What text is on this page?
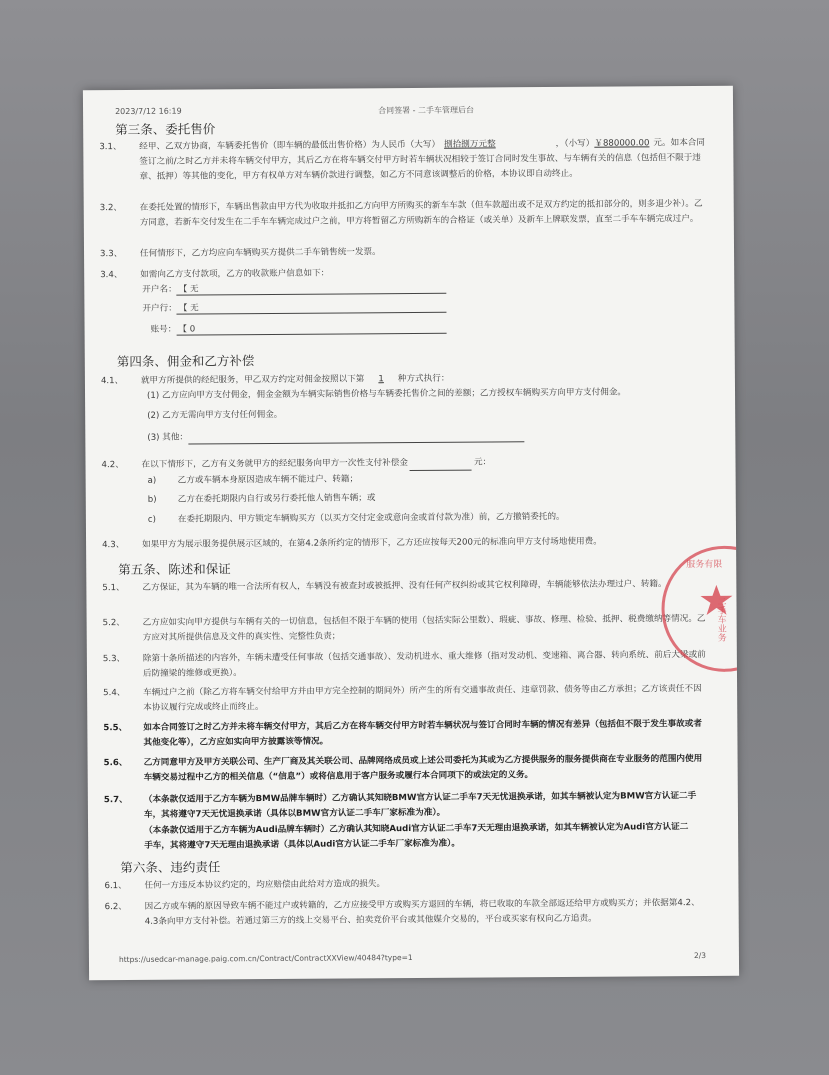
2023/7/12 16:19	合同签署 - 二手车管理后台
第三条、委托售价
3.1、 经甲、乙双方协商，车辆委托售价（即车辆的最低出售价格）为人民币（大写） 捌拾捌万元整	，（小写）￥880000.00 元。如本合同签订之前/之时乙方并未将车辆交付甲方，其后乙方在将车辆交付甲方时若车辆状况相较于签订合同时发生事故、与车辆有关的信息（包括但不限于违章、抵押）等其他的变化，甲方有权单方对车辆价款进行调整，如乙方不同意该调整后的价格，本协议即自动终止。
3.2、 在委托处置的情形下，车辆出售款由甲方代为收取并抵扣乙方向甲方所购买的新车车款（但车款超出或不足双方约定的抵扣部分的，则多退少补）。乙方同意，若新车交付发生在二手车车辆完成过户之前，甲方将暂留乙方所购新车的合格证（或关单）及新车上牌联发票，直至二手车车辆完成过户。
3.3、 任何情形下，乙方均应向车辆购买方提供二手车销售统一发票。
3.4、 如需向乙方支付款项，乙方的收款账户信息如下：
开户名： 【 无
开户行： 【 无
账号： 【 0
第四条、佣金和乙方补偿
4.1、 就甲方所提供的经纪服务，甲乙双方约定对佣金按照以下第 1 种方式执行：
(1) 乙方应向甲方支付佣金，佣金金额为车辆实际销售价格与车辆委托售价之间的差额；乙方授权车辆购买方向甲方支付佣金。
(2) 乙方无需向甲方支付任何佣金。
(3) 其他：
4.2、 在以下情形下，乙方有义务就甲方的经纪服务向甲方一次性支付补偿金	元：
a) 乙方或车辆本身原因造成车辆不能过户、转籍；
b) 乙方在委托期限内自行或另行委托他人销售车辆；或
c)	在委托期限内、甲方锁定车辆购买方（以买方交付定金或意向金或首付款为准）前，乙方撤销委托的。
4.3、 如果甲方为展示服务提供展示区域的，在第4.2条所约定的情形下，乙方还应按每天200元的标准向甲方支付场地使用费。
第五条、陈述和保证
5.1、 乙方保证，其为车辆的唯一合法所有权人，车辆没有被查封或被抵押、没有任何产权纠纷或其它权利障碍，车辆能够依法办理过户、转籍。
5.2、 乙方应如实向甲方提供与车辆有关的一切信息，包括但不限于车辆的使用（包括实际公里数）、瑕疵、事故、修理、检验、抵押、税费缴纳等情况。乙方应对其所提供信息及文件的真实性、完整性负责；
5.3、 除第十条所描述的内容外，车辆未遭受任何事故（包括交通事故）、发动机进水、重大维修（指对发动机、变速箱、离合器、转向系统、前后大梁或前后防撞梁的维修或更换）。
5.4、 车辆过户之前（除乙方将车辆交付给甲方并由甲方完全控制的期间外）所产生的所有交通事故责任、违章罚款、债务等由乙方承担；乙方该责任不因本协议履行完成或终止而终止。
5.5、 如本合同签订之时乙方并未将车辆交付甲方，其后乙方在将车辆交付甲方时若车辆状况与签订合同时车辆的情况有差异（包括但不限于发生事故或者其他变化等），乙方应如实向甲方披露该等情况。
5.6、 乙方同意甲方及甲方关联公司、生产厂商及其关联公司、品牌网络成员或上述公司委托为其或为乙方提供服务的服务提供商在专业服务的范围内使用车辆交易过程中乙方的相关信息（“信息”）或将信息用于客户服务或履行本合同项下的或法定的义务。
5.7、 （本条款仅适用于乙方车辆为BMW品牌车辆时）乙方确认其知晓BMW官方认证二手车7天无忧退换承诺，如其车辆被认定为BMW官方认证二手车，其将遵守7天无忧退换承诺（具体以BMW官方认证二手车厂家标准为准）。
（本条款仅适用于乙方车辆为Audi品牌车辆时）乙方确认其知晓Audi官方认证二手车7天无理由退换承诺，如其车辆被认定为Audi官方认证二手车，其将遵守7天无理由退换承诺（具体以Audi官方认证二手车厂家标准为准）。
第六条、违约责任
6.1、 任何一方违反本协议约定的，均应赔偿由此给对方造成的损失。
6.2、 因乙方或车辆的原因导致车辆不能过户或转籍的，乙方应接受甲方或购买方退回的车辆，将已收取的车款全部返还给甲方或购买方；并依据第4.2、4.3条向甲方支付补偿。若通过第三方的线上交易平台、拍卖竞价平台或其他媒介交易的，平台或买家有权向乙方追责。
https://usedcar-manage.paig.com.cn/Contract/ContractXXView/40484?type=1	2/3
服务有限
二手车业务
